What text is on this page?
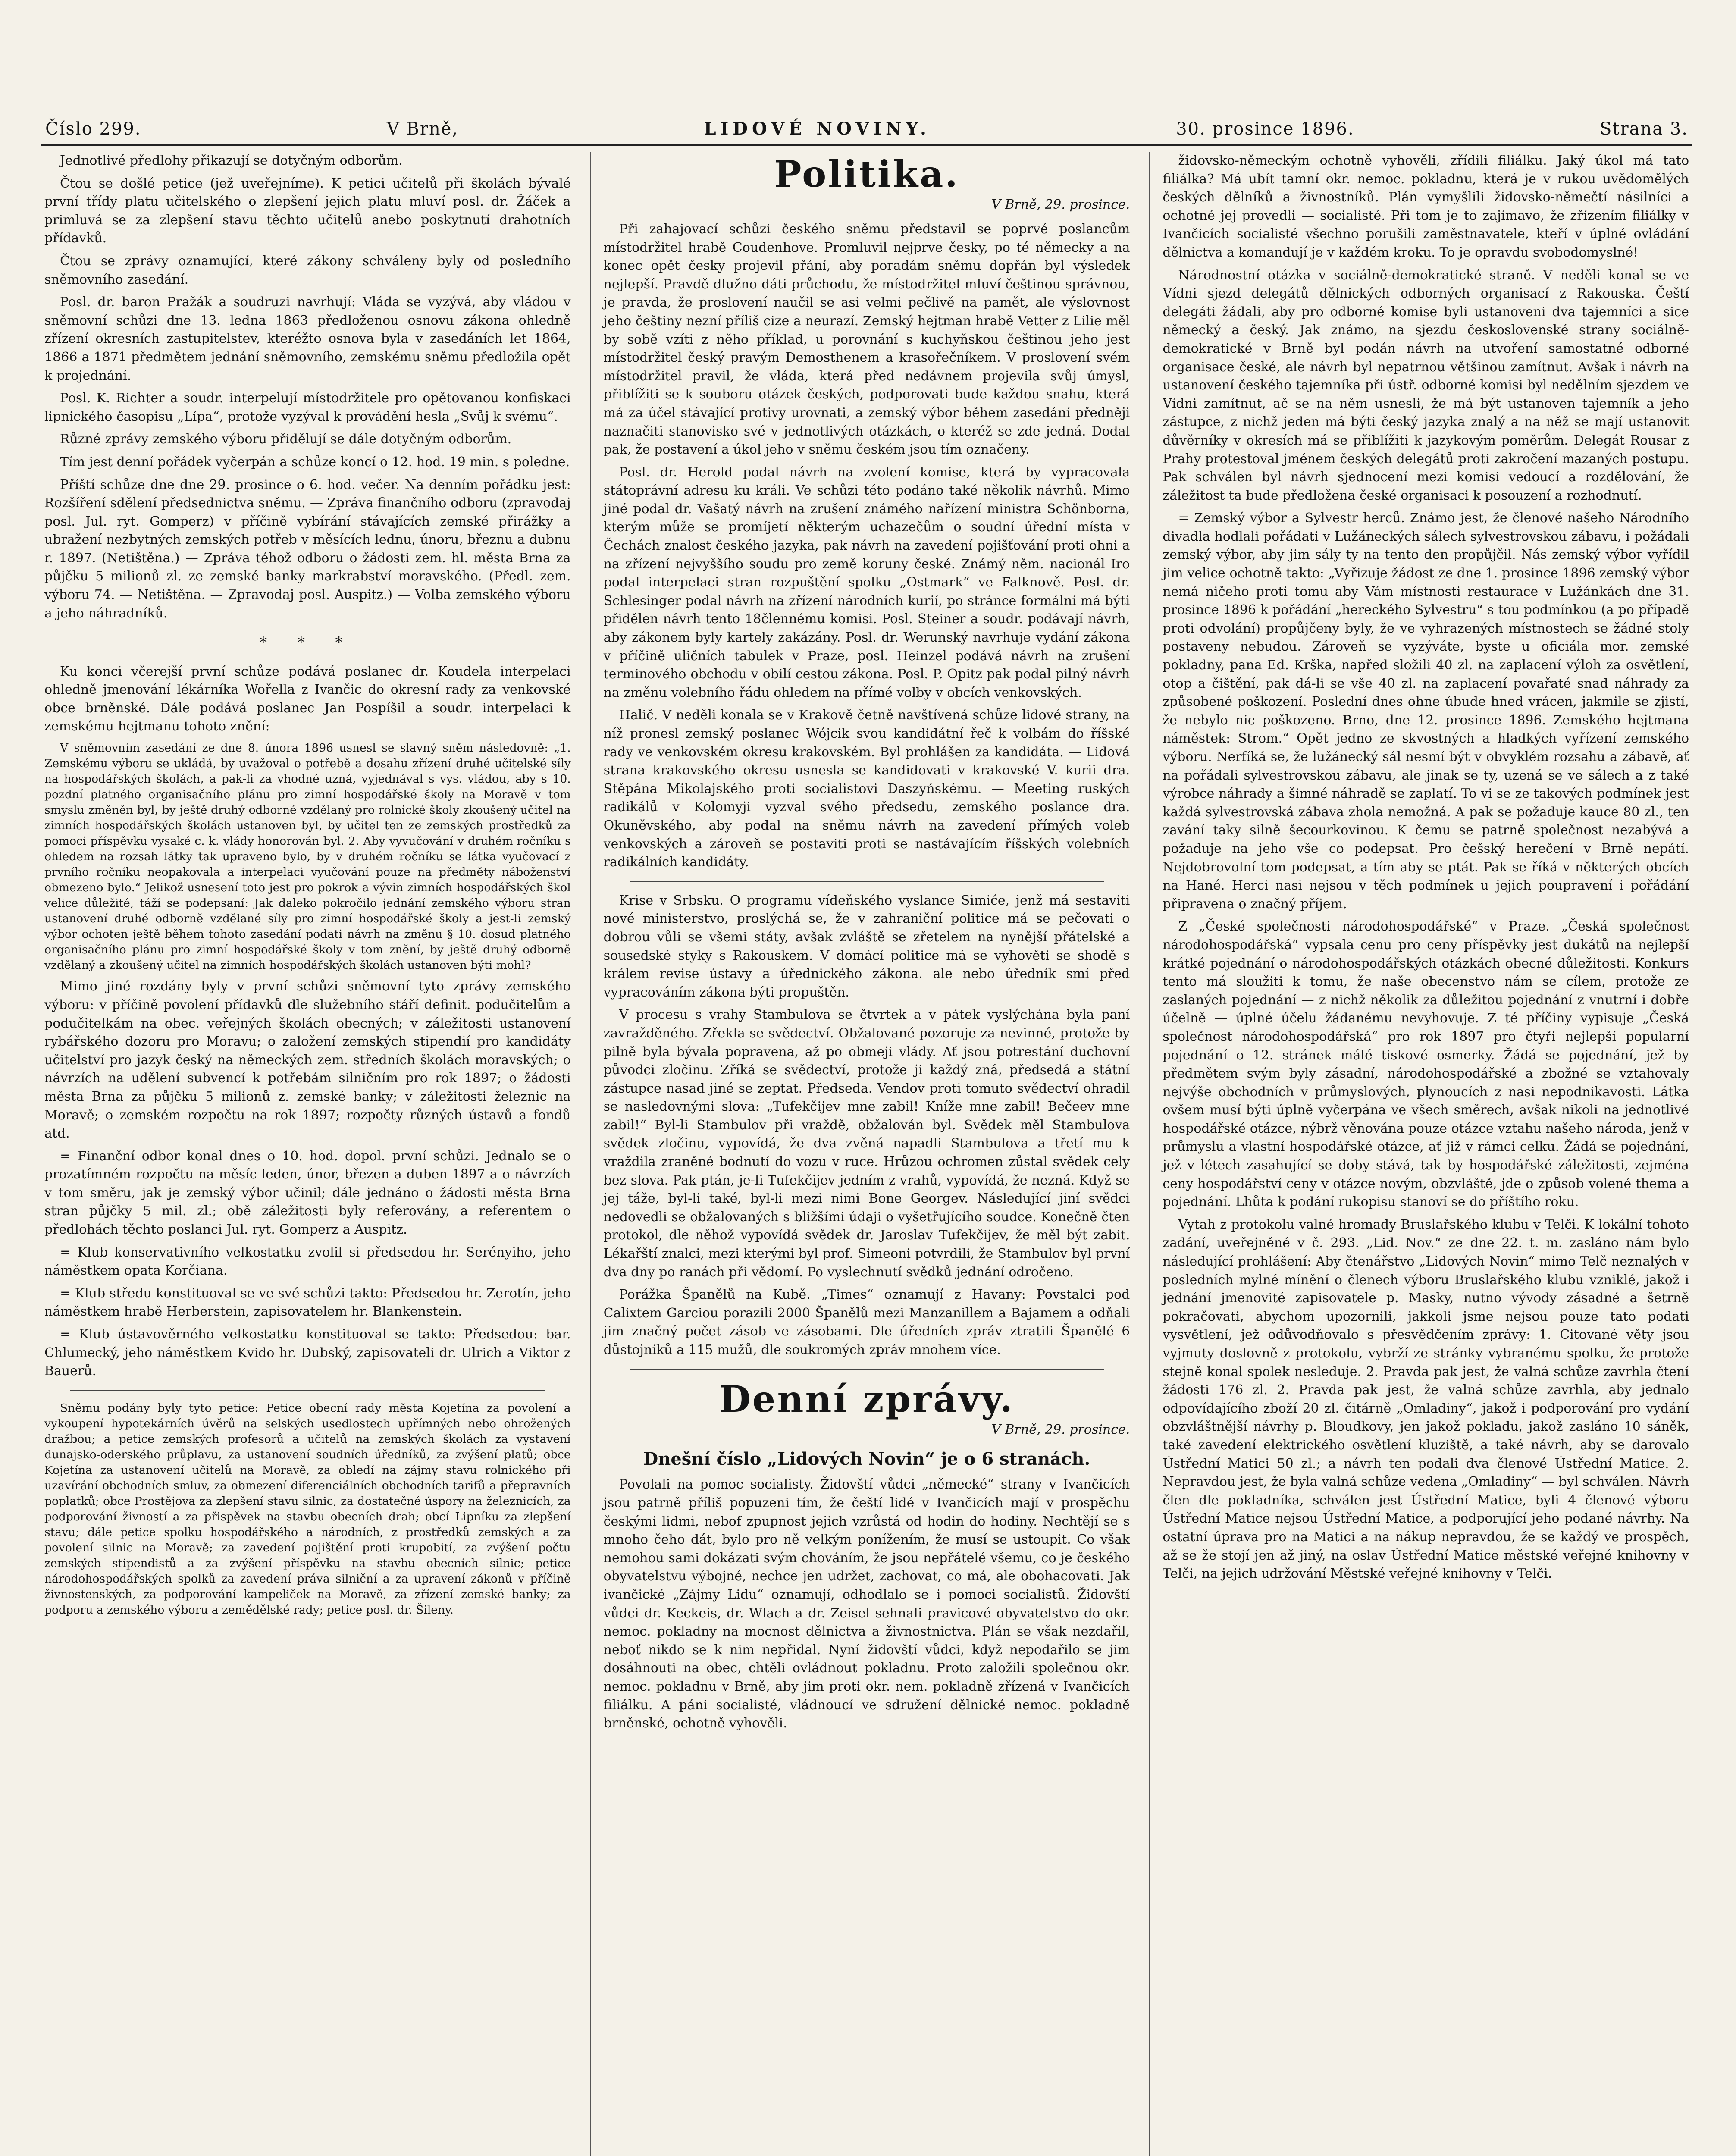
Číslo 299.	V Brně,	LIDOVÉ NOVINY.	30. prosince 1896.	Strana 3.

Jednotlivé předlohy přikazují se dotyčným odborům.

Čtou se došlé petice (jež uveřejníme). K petici učitelů při školách bývalé první třídy platu učitelského o zlepšení jejich platu mluví posl. dr. Žáček a primluvá se za zlepšení stavu těchto učitelů anebo poskytnutí drahotních přídavků.

Čtou se zprávy oznamující, které zákony schváleny byly od posledního sněmovního zasedání.

Posl. dr. baron Pražák a soudruzi navrhují: Vláda se vyzývá, aby vládou v sněmovní schůzi dne 13. ledna 1863 předloženou osnovu zákona ohledně zřízení okresních zastupitelstev, kteréžto osnova byla v zasedáních let 1864, 1866 a 1871 předmětem jednání sněmovního, zemskému sněmu předložila opět k projednání.

Posl. K. Richter a soudr. interpelují místodržitele pro opětovanou konfiskaci lipnického časopisu „Lípa“, protože vyzýval k provádění hesla „Svůj k svému“.

Různé zprávy zemského výboru přidělují se dále dotyčným odborům.

Tím jest denní pořádek vyčerpán a schůze koncí o 12. hod. 19 min. s poledne.

Příští schůze dne dne 29. prosince o 6. hod. večer. Na denním pořádku jest: Rozšíření sdělení předsednictva sněmu. — Zpráva finančního odboru (zpravodaj posl. Jul. ryt. Gomperz) v příčině vybírání stávajících zemské přirážky a ubražení nezbytných zemských potřeb v měsících lednu, únoru, březnu a dubnu r. 1897. (Netištěna.) — Zpráva téhož odboru o žádosti zem. hl. města Brna za půjčku 5 milionů zl. ze zemské banky markrabství moravského. (Předl. zem. výboru 74. — Netištěna. — Zpravodaj posl. Auspitz.) — Volba zemského výboru a jeho náhradníků.

* * *

Ku konci včerejší první schůze podává poslanec dr. Koudela interpelaci ohledně jmenování lékárníka Wořella z Ivančic do okresní rady za venkovské obce brněnské. Dále podává poslanec Jan Pospíšil a soudr. interpelaci k zemskému hejtmanu tohoto znění:

V sněmovním zasedání ze dne 8. února 1896 usnesl se slavný sněm následovně: „1. Zemskému výboru se ukládá, by uvažoval o potřebě a dosahu zřízení druhé učitelské síly na hospodářských školách, a pak-li za vhodné uzná, vyjednával s vys. vládou, aby s 10. pozdní platného organisačního plánu pro zimní hospodářské školy na Moravě v tom smyslu změněn byl, by ještě druhý odborné vzdělaný pro rolnické školy zkoušený učitel na zimních hospodářských školách ustanoven byl, by učitel ten ze zemských prostředků za pomoci příspěvku vysaké c. k. vlády honorován byl. 2. Aby vyvučování v druhém ročníku s ohledem na rozsah látky tak upraveno bylo, by v druhém ročníku se látka vyučovací z prvního ročníku neopakovala a interpelaci vyučování pouze na předměty náboženství obmezeno bylo.“ Jelikož usnesení toto jest pro pokrok a vývin zimních hospodářských škol velice důležité, táží se podepsaní: Jak daleko pokročilo jednání zemského výboru stran ustanovení druhé odborně vzdělané síly pro zimní hospodářské školy a jest-li zemský výbor ochoten ještě během tohoto zasedání podati návrh na změnu § 10. dosud platného organisačního plánu pro zimní hospodářské školy v tom znění, by ještě druhý odborně vzdělaný a zkoušený učitel na zimních hospodářských školách ustanoven býti mohl?

Mimo jiné rozdány byly v první schůzi sněmovní tyto zprávy zemského výboru: v příčině povolení přídavků dle služebního stáří definit. podučitelům a podučitelkám na obec. veřejných školách obecných; v záležitosti ustanovení rybářského dozoru pro Moravu; o založení zemských stipendií pro kandidáty učitelství pro jazyk český na německých zem. středních školách moravských; o návrzích na udělení subvencí k potřebám silničním pro rok 1897; o žádosti města Brna za půjčku 5 milionů z. zemské banky; v záležitosti železnic na Moravě; o zemském rozpočtu na rok 1897; rozpočty různých ústavů a fondů atd.

= Finanční odbor konal dnes o 10. hod. dopol. první schůzi. Jednalo se o prozatímném rozpočtu na měsíc leden, únor, březen a duben 1897 a o návrzích v tom směru, jak je zemský výbor učinil; dále jednáno o žádosti města Brna stran půjčky 5 mil. zl.; obě záležitosti byly referovány, a referentem o předlohách těchto poslanci Jul. ryt. Gomperz a Auspitz.

= Klub konservativního velkostatku zvolil si předsedou hr. Serényiho, jeho náměstkem opata Korčiana.

= Klub středu konstituoval se ve své schůzi takto: Předsedou hr. Zerotín, jeho náměstkem hrabě Herberstein, zapisovatelem hr. Blankenstein.

= Klub ústavověrného velkostatku konstituoval se takto: Předsedou: bar. Chlumecký, jeho náměstkem Kvido hr. Dubský, zapisovateli dr. Ulrich a Viktor z Bauerů.

Sněmu podány byly tyto petice: Petice obecní rady města Kojetína za povolení a vykoupení hypotekárních úvěrů na selských usedlostech upřímných nebo ohrožených dražbou; a petice zemských profesorů a učitelů na zemských školách za vystavení dunajsko-oderského průplavu, za ustanovení soudních úředníků, za zvýšení platů; obce Kojetína za ustanovení učitelů na Moravě, za obledí na zájmy stavu rolnického při uzavírání obchodních smluv, za obmezení diferenciálních obchodních tarifů a přepravních poplatků; obce Prostějova za zlepšení stavu silnic, za dostatečné úspory na železnicích, za podporování živností a za přispěvek na stavbu obecních drah; obcí Lipníku za zlepšení stavu; dále petice spolku hospodářského a národních, z prostředků zemských a za povolení silnic na Moravě; za zavedení pojištění proti krupobití, za zvýšení počtu zemských stipendistů a za zvýšení příspěvku na stavbu obecních silnic; petice národohospodářských spolků za zavedení práva silniční a za upravení zákonů v příčině živnostenských, za podporování kampeliček na Moravě, za zřízení zemské banky; za podporu a zemského výboru a zemědělské rady; petice posl. dr. Šileny.

Politika.
V Brně, 29. prosince.

Při zahajovací schůzi českého sněmu představil se poprvé poslancům místodržitel hrabě Coudenhove. Promluvil nejprve česky, po té německy a na konec opět česky projevil přání, aby poradám sněmu dopřán byl výsledek nejlepší. Pravdě dlužno dáti průchodu, že místodržitel mluví češtinou správnou, je pravda, že proslovení naučil se asi velmi pečlivě na pamět, ale výslovnost jeho češtiny nezní příliš cize a neurazí. Zemský hejtman hrabě Vetter z Lilie měl by sobě vzíti z něho příklad, u porovnání s kuchyňskou češtinou jeho jest místodržitel český pravým Demosthenem a krasořečníkem. V proslovení svém místodržitel pravil, že vláda, která před nedávnem projevila svůj úmysl, přiblížiti se k souboru otázek českých, podporovati bude každou snahu, která má za účel stávající protivy urovnati, a zemský výbor během zasedání předněji naznačiti stanovisko své v jednotlivých otázkách, o kteréž se zde jedná. Dodal pak, že postavení a úkol jeho v sněmu českém jsou tím označeny.

Posl. dr. Herold podal návrh na zvolení komise, která by vypracovala státoprávní adresu ku králi. Ve schůzi této podáno také několik návrhů. Mimo jiné podal dr. Vašatý návrh na zrušení známého nařízení ministra Schönborna, kterým může se promíjetí některým uchazečům o soudní úřední místa v Čechách znalost českého jazyka, pak návrh na zavedení pojišťování proti ohni a na zřízení nejvyššího soudu pro země koruny české. Známý něm. nacionál Iro podal interpelaci stran rozpuštění spolku „Ostmark“ ve Falknově. Posl. dr. Schlesinger podal návrh na zřízení národních kurií, po stránce formální má býti přidělen návrh tento 18člennému komisi. Posl. Steiner a soudr. podávají návrh, aby zákonem byly kartely zakázány. Posl. dr. Werunský navrhuje vydání zákona v příčině uličních tabulek v Praze, posl. Heinzel podává návrh na zrušení terminového obchodu v obilí cestou zákona. Posl. P. Opitz pak podal pilný návrh na změnu volebního řádu ohledem na přímé volby v obcích venkovských.

Halič. V neděli konala se v Krakově četně navštívená schůze lidové strany, na níž pronesl zemský poslanec Wójcik svou kandidátní řeč k volbám do říšské rady ve venkovském okresu krakovském. Byl prohlášen za kandidáta. — Lidová strana krakovského okresu usnesla se kandidovati v krakovské V. kurii dra. Stěpána Mikolajského proti socialistovi Daszyńskému. — Meeting ruských radikálů v Kolomyji vyzval svého předsedu, zemského poslance dra. Okuněvského, aby podal na sněmu návrh na zavedení přímých voleb venkovských a zároveň se postaviti proti se nastávajícím říšských volebních radikálních kandidáty.

Krise v Srbsku. O programu vídeňského vyslance Simiće, jenž má sestaviti nové ministerstvo, proslýchá se, že v zahraniční politice má se pečovati o dobrou vůli se všemi státy, avšak zvláště se zřetelem na nynější přátelské a sousedské styky s Rakouskem. V domácí politice má se vyhověti se shodě s králem revise ústavy a úřednického zákona. ale nebo úředník smí před vypracováním zákona býti propuštěn.

V procesu s vrahy Stambulova se čtvrtek a v pátek vyslýchána byla paní zavražděného. Zřekla se svědectví. Obžalované pozoruje za nevinné, protože by pilně byla bývala popravena, až po obmeji vlády. Ať jsou potrestání duchovní původci zločinu. Zříká se svědectví, protože ji každý zná, předsedá a státní zástupce nasad jiné se zeptat. Předseda. Vendov proti tomuto svědectví ohradil se nasledovnými slova: „Tufekčijev mne zabil! Kníže mne zabil! Bečeev mne zabil!“ Byl-li Stambulov při vraždě, obžalován byl. Svědek měl Stambulova svědek zločinu, vypovídá, že dva zvěná napadli Stambulova a třetí mu k vraždila zraněné bodnutí do vozu v ruce. Hrůzou ochromen zůstal svědek cely bez slova. Pak ptán, je-li Tufekčijev jedním z vrahů, vypovídá, že nezná. Když se jej táže, byl-li také, byl-li mezi nimi Bone Georgev. Následující jiní svědci nedovedli se obžalovaných s bližšími údaji o vyšetřujícího soudce. Konečně čten protokol, dle něhož vypovídá svědek dr. Jaroslav Tufekčijev, že měl být zabit. Lékařští znalci, mezi kterými byl prof. Simeoni potvrdili, že Stambulov byl první dva dny po ranách při vědomí. Po vyslechnutí svědků jednání odročeno.

Porážka Španělů na Kubě. „Times“ oznamují z Havany: Povstalci pod Calixtem Garciou porazili 2000 Španělů mezi Manzanillem a Bajamem a odňali jim značný počet zásob ve zásobami. Dle úředních zpráv ztratili Španělé 6 důstojníků a 115 mužů, dle soukromých zpráv mnohem více.

Denní zprávy.
V Brně, 29. prosince.
Dnešní číslo „Lidových Novin“ je o 6 stranách.

Povolali na pomoc socialisty. Židovští vůdci „německé“ strany v Ivančicích jsou patrně příliš popuzeni tím, že čeští lidé v Ivančicích mají v prospěchu českými lidmi, nebof zpupnost jejich vzrůstá od hodin do hodiny. Nechtějí se s mnoho čeho dát, bylo pro ně velkým ponížením, že musí se ustoupit. Co však nemohou sami dokázati svým chováním, že jsou nepřátelé všemu, co je českého obyvatelstvu výbojné, nechce jen udržet, zachovat, co má, ale obohacovati. Jak ivančické „Zájmy Lidu“ oznamují, odhodlalo se i pomoci socialistů. Židovští vůdci dr. Keckeis, dr. Wlach a dr. Zeisel sehnali pravicové obyvatelstvo do okr. nemoc. pokladny na mocnost dělnictva a živnostnictva. Plán se však nezdařil, neboť nikdo se k nim nepřidal. Nyní židovští vůdci, když nepodařilo se jim dosáhnouti na obec, chtěli ovládnout pokladnu. Proto založili společnou okr. nemoc. pokladnu v Brně, aby jim proti okr. nem. pokladně zřízená v Ivančicích filiálku. A páni socialisté, vládnoucí ve sdružení dělnické nemoc. pokladně brněnské, ochotně vyhověli.

židovsko-německým ochotně vyhověli, zřídili filiálku. Jaký úkol má tato filiálka? Má ubít tamní okr. nemoc. pokladnu, která je v rukou uvědomělých českých dělníků a živnostníků. Plán vymyšlili židovsko-němečtí násilníci a ochotné jej provedli — socialisté. Při tom je to zajímavo, že zřízením filiálky v Ivančicích socialisté všechno porušili zaměstnavatele, kteří v úplné ovládání dělnictva a komandují je v každém kroku. To je opravdu svobodomyslné!

Národnostní otázka v sociálně-demokratické straně. V neděli konal se ve Vídni sjezd delegátů dělnických odborných organisací z Rakouska. Čeští delegáti žádali, aby pro odborné komise byli ustanoveni dva tajemníci a sice německý a český. Jak známo, na sjezdu československé strany sociálně-demokratické v Brně byl podán návrh na utvoření samostatné odborné organisace české, ale návrh byl nepatrnou většinou zamítnut. Avšak i návrh na ustanovení českého tajemníka při ústř. odborné komisi byl nedělním sjezdem ve Vídni zamítnut, ač se na něm usnesli, že má být ustanoven tajemník a jeho zástupce, z nichž jeden má býti český jazyka znalý a na něž se mají ustanovit důvěrníky v okresích má se přiblížiti k jazykovým poměrům. Delegát Rousar z Prahy protestoval jménem českých delegátů proti zakročení mazaných postupu. Pak schválen byl návrh sjednocení mezi komisi vedoucí a rozdělování, že záležitost ta bude předložena české organisaci k posouzení a rozhodnutí.

= Zemský výbor a Sylvestr herců. Známo jest, že členové našeho Národního divadla hodlali pořádati v Lužáneckých sálech sylvestrovskou zábavu, i požádali zemský výbor, aby jim sály ty na tento den propůjčil. Nás zemský výbor vyřídil jim velice ochotně takto: „Vyřizuje žádost ze dne 1. prosince 1896 zemský výbor nemá ničeho proti tomu aby Vám místnosti restaurace v Lužánkách dne 31. prosince 1896 k pořádání „hereckého Sylvestru“ s tou podmínkou (a po případě proti odvolání) propůjčeny byly, že ve vyhrazených místnostech se žádné stoly postaveny nebudou. Zároveň se vyzýváte, byste u oficiála mor. zemské pokladny, pana Ed. Krška, napřed složili 40 zl. na zaplacení výloh za osvětlení, otop a čištění, pak dá-li se vše 40 zl. na zaplacení povařaté snad náhrady za způsobené poškození. Poslední dnes ohne úbude hned vrácen, jakmile se zjistí, že nebylo nic poškozeno. Brno, dne 12. prosince 1896. Zemského hejtmana náměstek: Strom.“ Opět jedno ze skvostných a hladkých vyřízení zemského výboru. Nerfíká se, že lužánecký sál nesmí být v obvyklém rozsahu a zábavě, ať na pořádali sylvestrovskou zábavu, ale jinak se ty, uzená se ve sálech a z také výrobce náhrady a šimné náhradě se zaplatí. To vi se ze takových podmínek jest každá sylvestrovská zábava zhola nemožná. A pak se požaduje kauce 80 zl., ten zavání taky silně šecourkovinou. K čemu se patrně společnost nezabývá a požaduje na jeho vše co podepsat. Pro češský herečení v Brně nepátí. Nejdobrovolní tom podepsat, a tím aby se ptát. Pak se říká v některých obcích na Hané. Herci nasi nejsou v těch podmínek u jejich poupravení i pořádání připravena o značný příjem.

Z „České společnosti národohospodářské“ v Praze. „Česká společnost národohospodářská“ vypsala cenu pro ceny příspěvky jest dukátů na nejlepší krátké pojednání o národohospodářských otázkách obecné důležitosti. Konkurs tento má sloužiti k tomu, že naše obecenstvo nám se cílem, protože ze zaslaných pojednání — z nichž několik za důležitou pojednání z vnutrní i dobře účelně — úplné účelu žádanému nevyhovuje. Z té příčiny vypisuje „Česká společnost národohospodářská“ pro rok 1897 pro čtyři nejlepší popularní pojednání o 12. stránek málé tiskové osmerky. Žádá se pojednání, jež by předmětem svým byly zásadní, národohospodářské a zbožné se vztahovaly nejvýše obchodních v průmyslových, plynoucích z nasi nepodnikavosti. Látka ovšem musí býti úplně vyčerpána ve všech směrech, avšak nikoli na jednotlivé hospodářské otázce, nýbrž věnována pouze otázce vztahu našeho národa, jenž v průmyslu a vlastní hospodářské otázce, ať již v rámci celku. Žádá se pojednání, jež v létech zasahující se doby stává, tak by hospodářské záležitosti, zejména ceny hospodářství ceny v otázce novým, obzvláště, jde o způsob volené thema a pojednání. Lhůta k podání rukopisu stanoví se do příštího roku.

Vytah z protokolu valné hromady Bruslařského klubu v Telči. K lokální tohoto zadání, uveřejněné v č. 293. „Lid. Nov.“ ze dne 22. t. m. zasláno nám bylo následující prohlášení: Aby čtenářstvo „Lidových Novin“ mimo Telč neznalých v posledních mylné mínění o členech výboru Bruslařského klubu vzniklé, jakož i jednání jmenovité zapisovatele p. Masky, nutno vývody zásadné a šetrně pokračovati, abychom upozornili, jakkoli jsme nejsou pouze tato podati vysvětlení, jež odůvodňovalo s přesvědčením zprávy: 1. Citované věty jsou vyjmuty doslovně z protokolu, vybrží ze stránky vybranému spolku, že protože stejně konal spolek nesleduje. 2. Pravda pak jest, že valná schůze zavrhla čtení žádosti 176 zl. 2. Pravda pak jest, že valná schůze zavrhla, aby jednalo odpovídajícího zboží 20 zl. čitárně „Omladiny“, jakož i podporování pro vydání obzvláštnější návrhy p. Bloudkovy, jen jakož pokladu, jakož zasláno 10 sáněk, také zavedení elektrického osvětlení kluziště, a také návrh, aby se darovalo Ústřední Matici 50 zl.; a návrh ten podali dva členové Ústřední Matice. 2. Nepravdou jest, že byla valná schůze vedena „Omladiny“ — byl schválen. Návrh člen dle pokladníka, schválen jest Ústřední Matice, byli 4 členové výboru Ústřední Matice nejsou Ústřední Matice, a podporující jeho podané návrhy. Na ostatní úprava pro na Matici a na nákup nepravdou, že se každý ve prospěch, až se že stojí jen až jiný, na oslav Ústřední Matice městské veřejné knihovny v Telči, na jejich udržování Městské veřejné knihovny v Telči.
